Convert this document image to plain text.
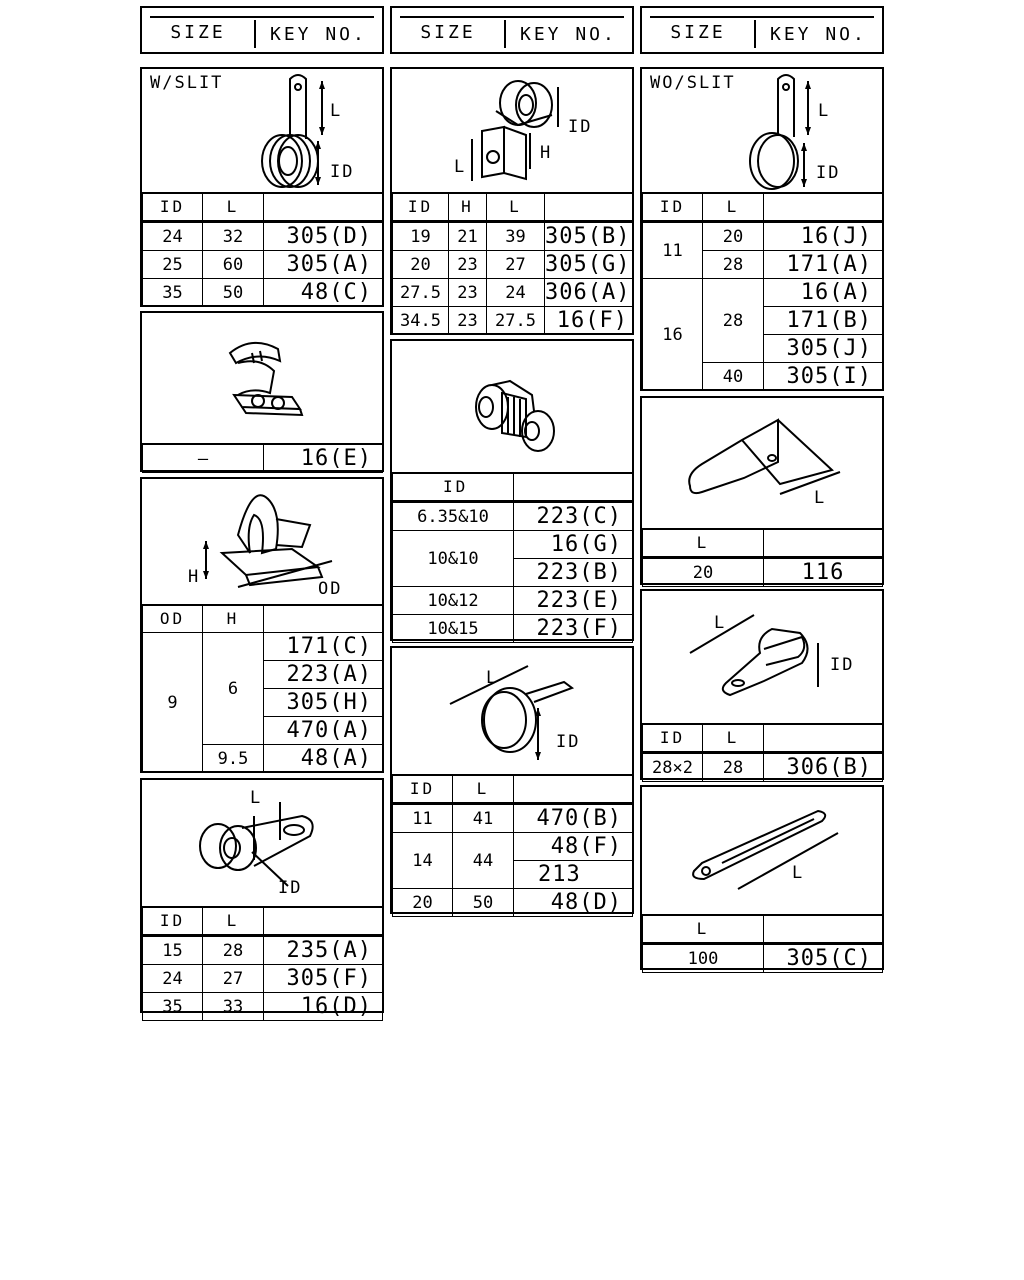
SIZE	KEY NO.	SIZE	KEY NO.	SIZE	KEY NO.
W/SLIT
L
ID
ID	L	
24	32	305(D)
25	60	305(A)
35	50	48(C)
—	16(E)
H
OD
OD	H	
9	6	171(C)
		223(A)
		305(H)
		470(A)
	9.5	48(A)
L
ID
ID	L	
15	28	235(A)
24	27	305(F)
35	33	16(D)
ID
H
L
ID	H	L	
19	21	39	305(B)
20	23	27	305(G)
27.5	23	24	306(A)
34.5	23	27.5	16(F)
ID	
6.35&10	223(C)
10&10	16(G)
	223(B)
10&12	223(E)
10&15	223(F)
L
ID
ID	L	
11	41	470(B)
14	44	48(F)
		213
20	50	48(D)
WO/SLIT
L
ID
ID	L	
11	20	16(J)
	28	171(A)
16	28	16(A)
		171(B)
		305(J)
	40	305(I)
L
L	
20	116
L
ID
ID	L	
28×2	28	306(B)
L
L	
100	305(C)
